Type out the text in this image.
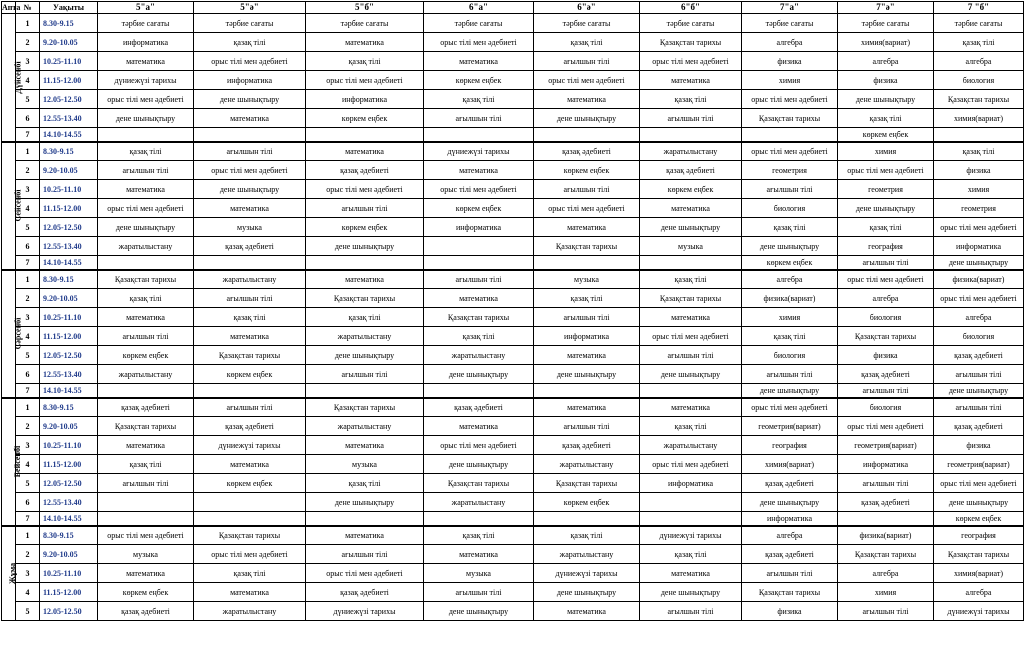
Апта	№	Уақыты	5"а"	5"ә"	5"б"	6"а"	6"ә"	6"б"	7"а"	7"ә"	7 "б"
Дүйсенбі	1	8.30-9.15	тәрбие сағаты	тәрбие сағаты	тәрбие сағаты	тәрбие сағаты	тәрбие сағаты	тәрбие сағаты	тәрбие сағаты	тәрбие сағаты	тәрбие сағаты
	2	9.20-10.05	информатика	қазақ тілі	математика	орыс тілі мен әдебиеті	қазақ тілі	Қазақстан тарихы	алгебра	химия(вариат)	қазақ тілі
	3	10.25-11.10	математика	орыс тілі мен әдебиеті	қазақ тілі	математика	ағылшын тілі	орыс тілі мен әдебиеті	физика	алгебра	алгебра
	4	11.15-12.00	дүниежүзі тарихы	информатика	орыс тілі мен әдебиеті	көркем еңбек	орыс тілі мен әдебиеті	математика	химия	физика	биология
	5	12.05-12.50	орыс тілі мен әдебиеті	дене шынықтыру	информатика	қазақ тілі	математика	қазақ тілі	орыс тілі мен әдебиеті	дене шынықтыру	Қазақстан тарихы
	6	12.55-13.40	дене шынықтыру	математика	көркем еңбек	ағылшын тілі	дене шынықтыру	ағылшын тілі	Қазақстан тарихы	қазақ тілі	химия(вариат)
	7	14.10-14.55								көркем еңбек	
Сейсенбі	1	8.30-9.15	қазақ тілі	ағылшын тілі	математика	дүниежүзі тарихы	қазақ әдебиеті	жаратылыстану	орыс тілі мен әдебиеті	химия	қазақ тілі
	2	9.20-10.05	ағылшын тілі	орыс тілі мен әдебиеті	қазақ әдебиеті	математика	көркем еңбек	қазақ әдебиеті	геометрия	орыс тілі мен әдебиеті	физика
	3	10.25-11.10	математика	дене шынықтыру	орыс тілі мен әдебиеті	орыс тілі мен әдебиеті	ағылшын тілі	көркем еңбек	ағылшын тілі	геометрия	химия
	4	11.15-12.00	орыс тілі мен әдебиеті	математика	ағылшын тілі	көркем еңбек	орыс тілі мен әдебиеті	математика	биология	дене шынықтыру	геометрия
	5	12.05-12.50	дене шынықтыру	музыка	көркем еңбек	информатика	математика	дене шынықтыру	қазақ тілі	қазақ тілі	орыс тілі мен әдебиеті
	6	12.55-13.40	жаратылыстану	қазақ әдебиеті	дене шынықтыру		Қазақстан тарихы	музыка	дене шынықтыру	география	информатика
	7	14.10-14.55							көркем еңбек	ағылшын тілі	дене шынықтыру
Сәрсенбі	1	8.30-9.15	Қазақстан тарихы	жаратылыстану	математика	ағылшын тілі	музыка	қазақ тілі	алгебра	орыс тілі мен әдебиеті	физика(вариат)
	2	9.20-10.05	қазақ тілі	ағылшын тілі	Қазақстан тарихы	математика	қазақ тілі	Қазақстан тарихы	физика(вариат)	алгебра	орыс тілі мен әдебиеті
	3	10.25-11.10	математика	қазақ тілі	қазақ тілі	Қазақстан тарихы	ағылшын тілі	математика	химия	биология	алгебра
	4	11.15-12.00	ағылшын тілі	математика	жаратылыстану	қазақ тілі	информатика	орыс тілі мен әдебиеті	қазақ тілі	Қазақстан тарихы	биология
	5	12.05-12.50	көркем еңбек	Қазақстан тарихы	дене шынықтыру	жаратылыстану	математика	ағылшын тілі	биология	физика	қазақ әдебиеті
	6	12.55-13.40	жаратылыстану	көркем еңбек	ағылшын тілі	дене шынықтыру	дене шынықтыру	дене шынықтыру	ағылшын тілі	қазақ әдебиеті	ағылшын тілі
	7	14.10-14.55							дене шынықтыру	ағылшын тілі	дене шынықтыру
Бейсенбі	1	8.30-9.15	қазақ әдебиеті	ағылшын тілі	Қазақстан тарихы	қазақ әдебиеті	математика	математика	орыс тілі мен әдебиеті	биология	ағылшын тілі
	2	9.20-10.05	Қазақстан тарихы	қазақ әдебиеті	жаратылыстану	математика	ағылшын тілі	қазақ тілі	геометрия(вариат)	орыс тілі мен әдебиеті	қазақ әдебиеті
	3	10.25-11.10	математика	дүниежүзі тарихы	математика	орыс тілі мен әдебиеті	қазақ әдебиеті	жаратылыстану	география	геометрия(вариат)	физика
	4	11.15-12.00	қазақ тілі	математика	музыка	дене шынықтыру	жаратылыстану	орыс тілі мен әдебиеті	химия(вариат)	информатика	геометрия(вариат)
	5	12.05-12.50	ағылшын тілі	көркем еңбек	қазақ тілі	Қазақстан тарихы	Қазақстан тарихы	информатика	қазақ әдебиеті	ағылшын тілі	орыс тілі мен әдебиеті
	6	12.55-13.40			дене шынықтыру	жаратылыстану	көркем еңбек		дене шынықтыру	қазақ әдебиеті	дене шынықтыру
	7	14.10-14.55							информатика		көркем еңбек
Жұма	1	8.30-9.15	орыс тілі мен әдебиеті	Қазақстан тарихы	математика	қазақ тілі	қазақ тілі	дүниежүзі тарихы	алгебра	физика(вариат)	география
	2	9.20-10.05	музыка	орыс тілі мен әдебиеті	ағылшын тілі	математика	жаратылыстану	қазақ тілі	қазақ әдебиеті	Қазақстан тарихы	Қазақстан тарихы
	3	10.25-11.10	математика	қазақ тілі	орыс тілі мен әдебиеті	музыка	дүниежүзі тарихы	математика	ағылшын тілі	алгебра	химия(вариат)
	4	11.15-12.00	көркем еңбек	математика	қазақ әдебиеті	ағылшын тілі	дене шынықтыру	дене шынықтыру	Қазақстан тарихы	химия	алгебра
	5	12.05-12.50	қазақ әдебиеті	жаратылыстану	дүниежүзі тарихы	дене шынықтыру	математика	ағылшын тілі	физика	ағылшын тілі	дүниежүзі тарихы
